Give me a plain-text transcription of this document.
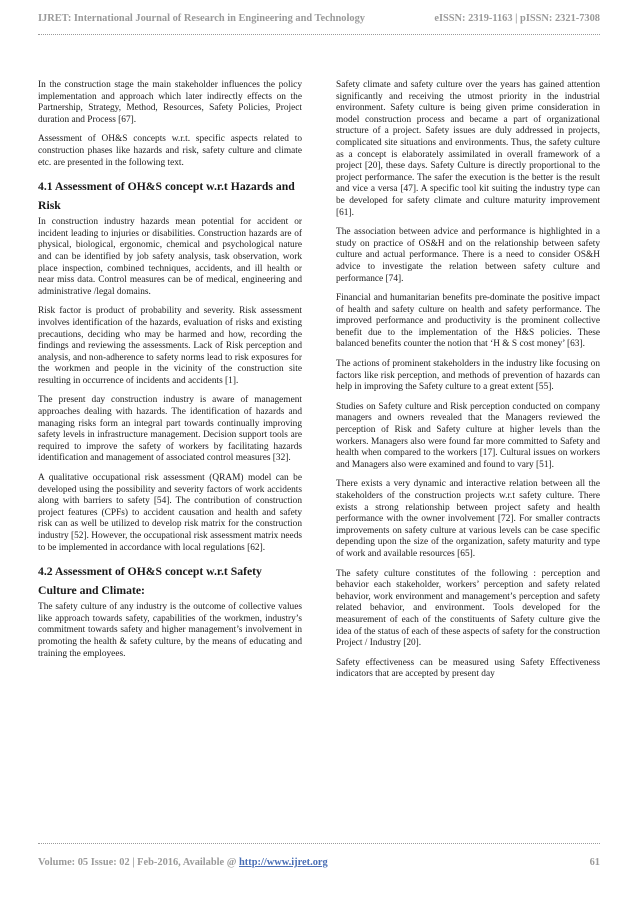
IJRET: International Journal of Research in Engineering and Technology	eISSN: 2319-1163 | pISSN: 2321-7308

In the construction stage the main stakeholder influences the policy implementation and approach which later indirectly effects on the Partnership, Strategy, Method, Resources, Safety Policies, Project duration and Process [67].

Assessment of OH&S concepts w.r.t. specific aspects related to construction phases like hazards and risk, safety culture and climate etc. are presented in the following text.

4.1 Assessment of OH&S concept w.r.t Hazards and Risk

In construction industry hazards mean potential for accident or incident leading to injuries or disabilities. Construction hazards are of physical, biological, ergonomic, chemical and psychological nature and can be identified by job safety analysis, task observation, work place inspection, combined techniques, accidents, and ill health or near miss data. Control measures can be of medical, engineering and administrative /legal domains.

Risk factor is product of probability and severity. Risk assessment involves identification of the hazards, evaluation of risks and existing precautions, deciding who may be harmed and how, recording the findings and reviewing the assessments. Lack of Risk perception and analysis, and non-adherence to safety norms lead to risk exposures for the workmen and people in the vicinity of the construction site resulting in occurrence of incidents and accidents [1].

The present day construction industry is aware of management approaches dealing with hazards. The identification of hazards and managing risks form an integral part towards continually improving safety levels in infrastructure management. Decision support tools are required to improve the safety of workers by facilitating hazards identification and management of associated control measures [32].

A qualitative occupational risk assessment (QRAM) model can be developed using the possibility and severity factors of work accidents along with barriers to safety [54]. The contribution of construction project features (CPFs) to accident causation and health and safety risk can as well be utilized to develop risk matrix for the construction industry [52]. However, the occupational risk assessment matrix needs to be implemented in accordance with local regulations [62].

4.2 Assessment of OH&S concept w.r.t Safety Culture and Climate:

The safety culture of any industry is the outcome of collective values like approach towards safety, capabilities of the workmen, industry’s commitment towards safety and higher management’s involvement in promoting the health & safety culture, by the means of educating and training the employees.

Safety climate and safety culture over the years has gained attention significantly and receiving the utmost priority in the industrial environment. Safety culture is being given prime consideration in model construction process and became a part of organizational structure of a project. Safety issues are duly addressed in projects, complicated site situations and environments. Thus, the safety culture as a concept is elaborately assimilated in overall framework of a project [20], these days. Safety Culture is directly proportional to the project performance. The safer the execution is the better is the result and vice a versa [47]. A specific tool kit suiting the industry type can be developed for safety climate and culture maturity improvement [61].

The association between advice and performance is highlighted in a study on practice of OS&H and on the relationship between safety culture and actual performance. There is a need to consider OS&H advice to investigate the relation between safety culture and performance [74].

Financial and humanitarian benefits pre-dominate the positive impact of health and safety culture on health and safety performance. The improved performance and productivity is the prominent collective benefit due to the implementation of the H&S policies. These balanced benefits counter the notion that ‘H & S cost money’ [63].

The actions of prominent stakeholders in the industry like focusing on factors like risk perception, and methods of prevention of hazards can help in improving the Safety culture to a great extent [55].

Studies on Safety culture and Risk perception conducted on company managers and owners revealed that the Managers reviewed the perception of Risk and Safety culture at higher levels than the workers. Managers also were found far more committed to Safety and health when compared to the workers [17]. Cultural issues on workers and Managers also were examined and found to vary [51].

There exists a very dynamic and interactive relation between all the stakeholders of the construction projects w.r.t safety culture. There exists a strong relationship between project safety and health performance with the owner involvement [72]. For smaller contracts improvements on safety culture at various levels can be case specific depending upon the size of the organization, safety maturity and type of work and available resources [65].

The safety culture constitutes of the following : perception and behavior each stakeholder, workers’ perception and safety related behavior, work environment and management’s perception and safety related behavior, and environment. Tools developed for the measurement of each of the constituents of Safety culture give the idea of the status of each of these aspects of safety for the construction Project / Industry [20].

Safety effectiveness can be measured using Safety Effectiveness indicators that are accepted by present day

Volume: 05 Issue: 02 | Feb-2016, Available @ http://www.ijret.org	61
